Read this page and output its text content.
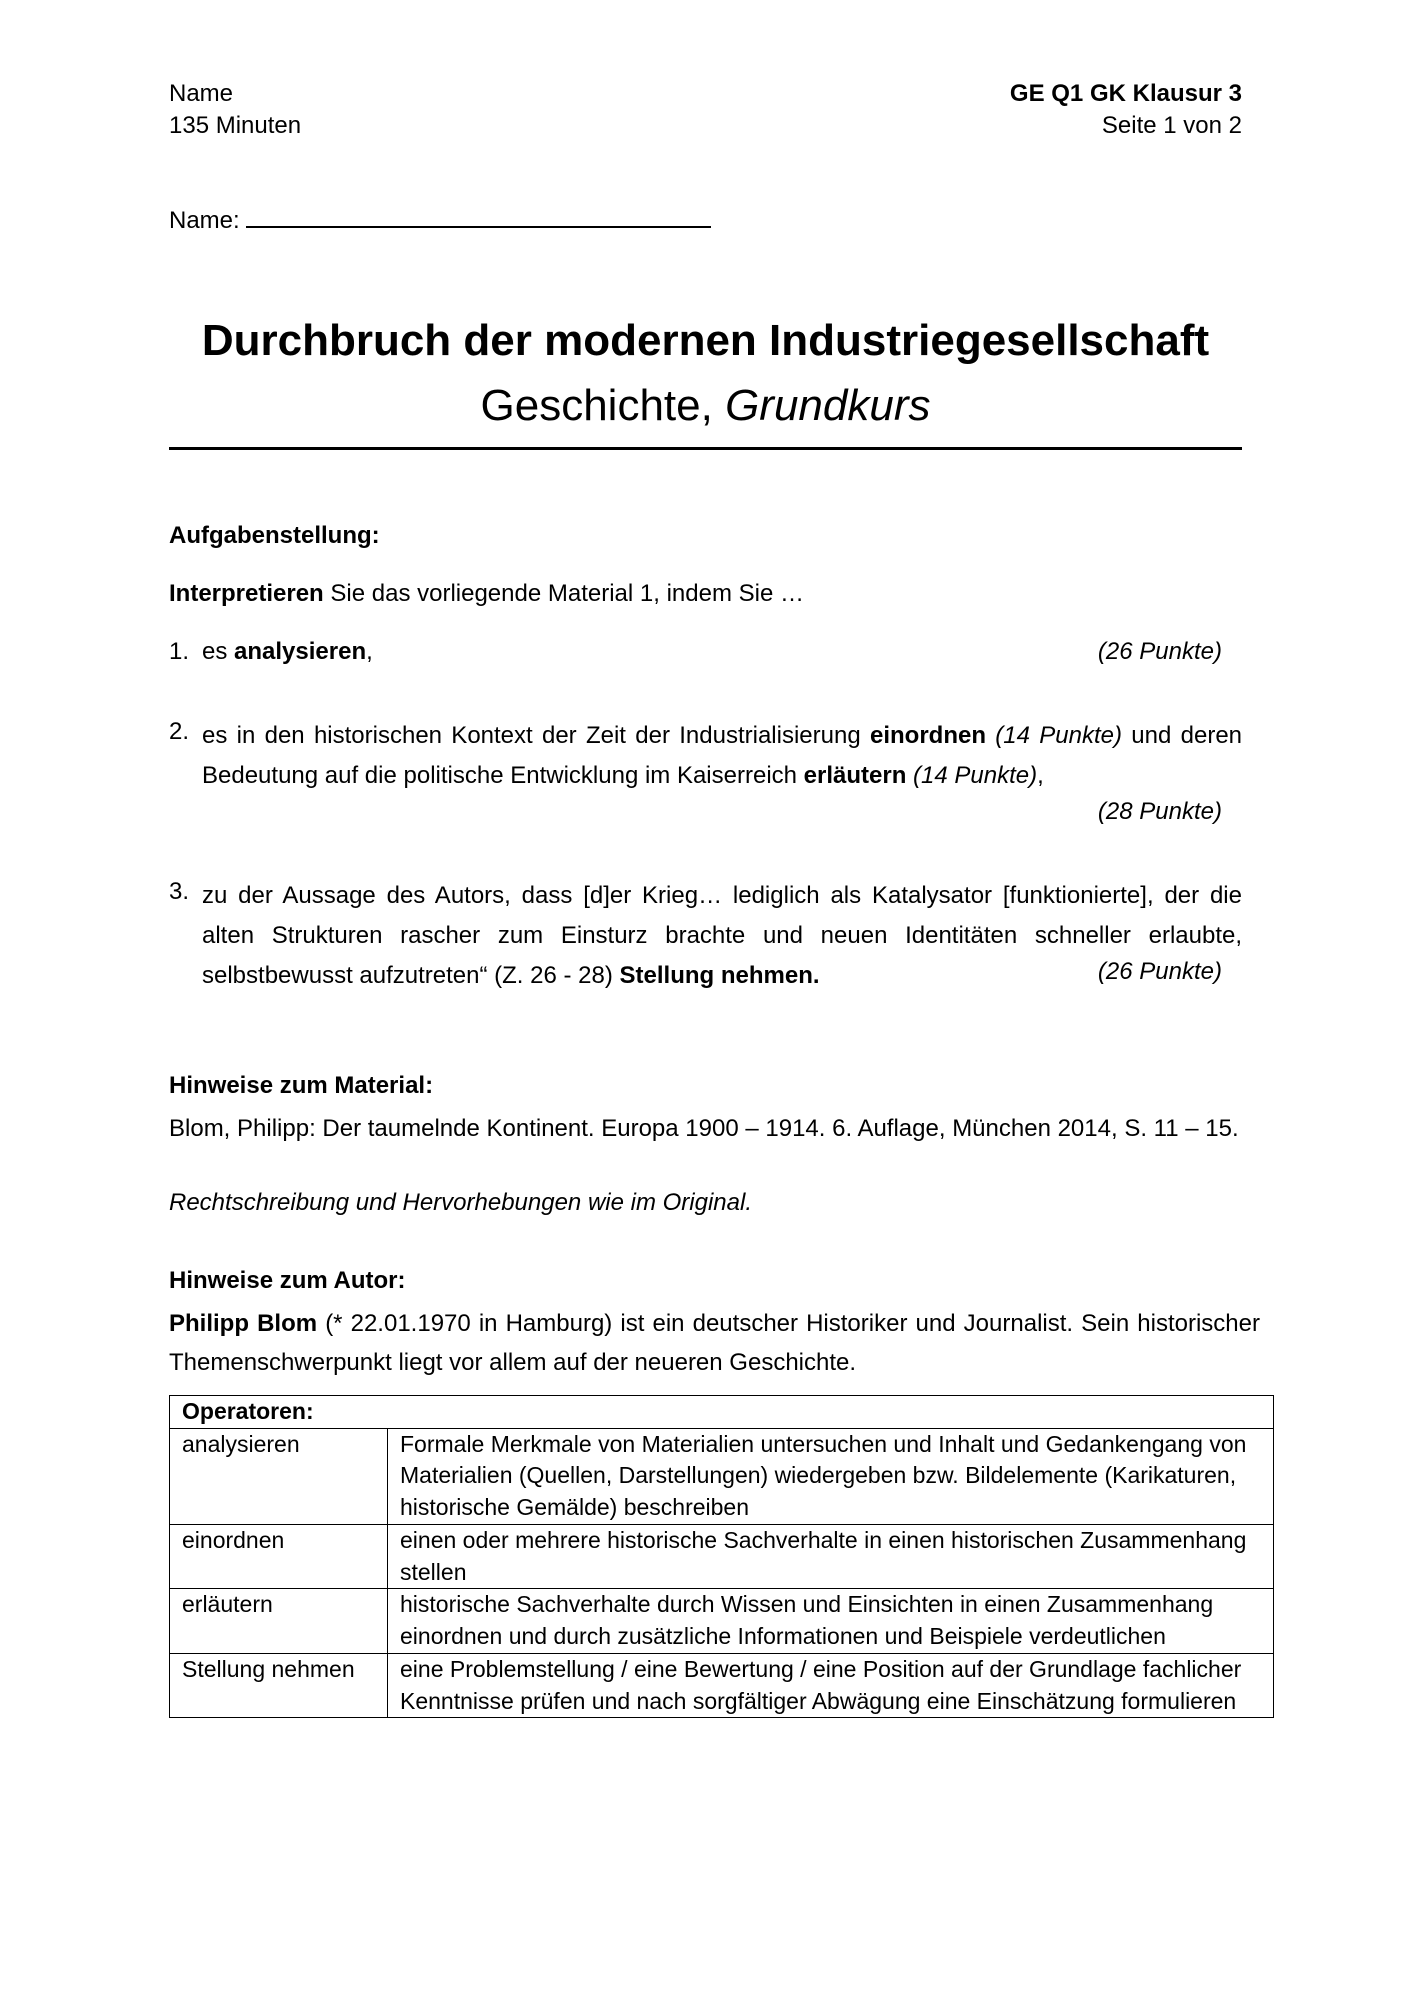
Name	GE Q1 GK Klausur 3
135 Minuten	Seite 1 von 2
Name:
Durchbruch der modernen Industriegesellschaft
Geschichte, Grundkurs
Aufgabenstellung:
Interpretieren Sie das vorliegende Material 1, indem Sie …
1. es analysieren,	(26 Punkte)
2. es in den historischen Kontext der Zeit der Industrialisierung einordnen (14 Punkte) und deren Bedeutung auf die politische Entwicklung im Kaiserreich erläutern (14 Punkte),
(28 Punkte)
3. zu der Aussage des Autors, dass [d]er Krieg… lediglich als Katalysator [funktionierte], der die alten Strukturen rascher zum Einsturz brachte und neuen Identitäten schneller erlaubte, selbstbewusst aufzutreten“ (Z. 26 - 28) Stellung nehmen.	(26 Punkte)
Hinweise zum Material:
Blom, Philipp: Der taumelnde Kontinent. Europa 1900 – 1914. 6. Auflage, München 2014, S. 11 – 15.
Rechtschreibung und Hervorhebungen wie im Original.
Hinweise zum Autor:
Philipp Blom (* 22.01.1970 in Hamburg) ist ein deutscher Historiker und Journalist. Sein historischer Themenschwerpunkt liegt vor allem auf der neueren Geschichte.
Operatoren:	
analysieren	Formale Merkmale von Materialien untersuchen und Inhalt und Gedankengang von Materialien (Quellen, Darstellungen) wiedergeben bzw. Bildelemente (Karikaturen, historische Gemälde) beschreiben
einordnen	einen oder mehrere historische Sachverhalte in einen historischen Zusammenhang stellen
erläutern	historische Sachverhalte durch Wissen und Einsichten in einen Zusammenhang einordnen und durch zusätzliche Informationen und Beispiele verdeutlichen
Stellung nehmen	eine Problemstellung / eine Bewertung / eine Position auf der Grundlage fachlicher Kenntnisse prüfen und nach sorgfältiger Abwägung eine Einschätzung formulieren
